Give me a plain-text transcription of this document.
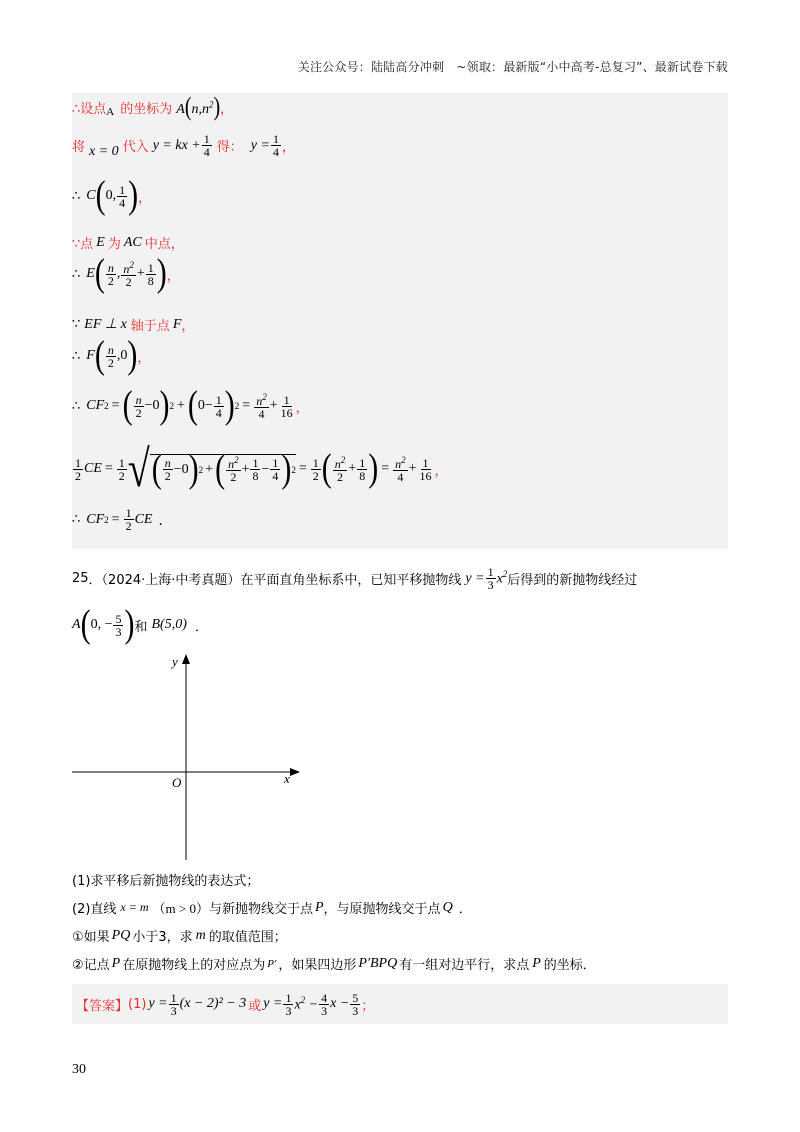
关注公众号：陆陆高分冲刺　~领取：最新版“小中高考-总复习”、最新试卷下载
∴设点 A 的坐标为 $A(n,n^2)$ ，
将 x = 0 代入 y = kx + $\frac{1}{4}$ 得： $y = \frac{1}{4}$ ，
∴ C ( 0, $\frac{1}{4}$ ) ，
∵点 E 为 AC 中点，
∴ E ( $\frac{n}{2}$ , $\frac{n^2}{2} + \frac{1}{8}$ ) ，
∵ EF ⊥ x 轴于点 F ，
∴ F ( $\frac{n}{2} ,0$ ) ，
∴ CF 2 = ( $\frac{n}{2} -0$ ) 2 + ( $0- \frac{1}{4}$ ) $2 = \frac{n^2}{4} + \frac{1}{16}$ ，
$\frac{1}{2}$ CE = $\frac{1}{2}$ √ ( $\frac{n}{2} -0$ ) 2 + ( $\frac{n^2}{2} + \frac{1}{8} - \frac{1}{4}$ ) $2 = \frac{1}{2}$ ( $\frac{n^2}{2} + \frac{1}{8}$ ) = $\frac{n^2}{4} + \frac{1}{16}$ ，
∴ CF $2 = \frac{1}{2}$ CE ．
25 ．（2024·上海·中考真题）在平面直角坐标系中，已知平移抛物线 $y = \frac{1}{3} x^2$ 后得到的新抛物线经过
A ( 0, − $\frac{5}{3}$ ) 和 B(5,0) ．
y
x
O
(1)求平移后新抛物线的表达式；
(2)直线 x = m （m > 0） 与新抛物线交于点 P ，与原抛物线交于点 Q ．
①如果 PQ 小于3，求 m 的取值范围；
②记点 P 在原抛物线上的对应点为 P′ ，如果四边形 P′BPQ 有一组对边平行，求点 P 的坐标．
【答案】 (1) $y = \frac{1}{3} (x - 2)^2 - 3$ 或 $y = \frac{1}{3} x^2 - \frac{4}{3}$ $x - \frac{5}{3}$ ；
30
